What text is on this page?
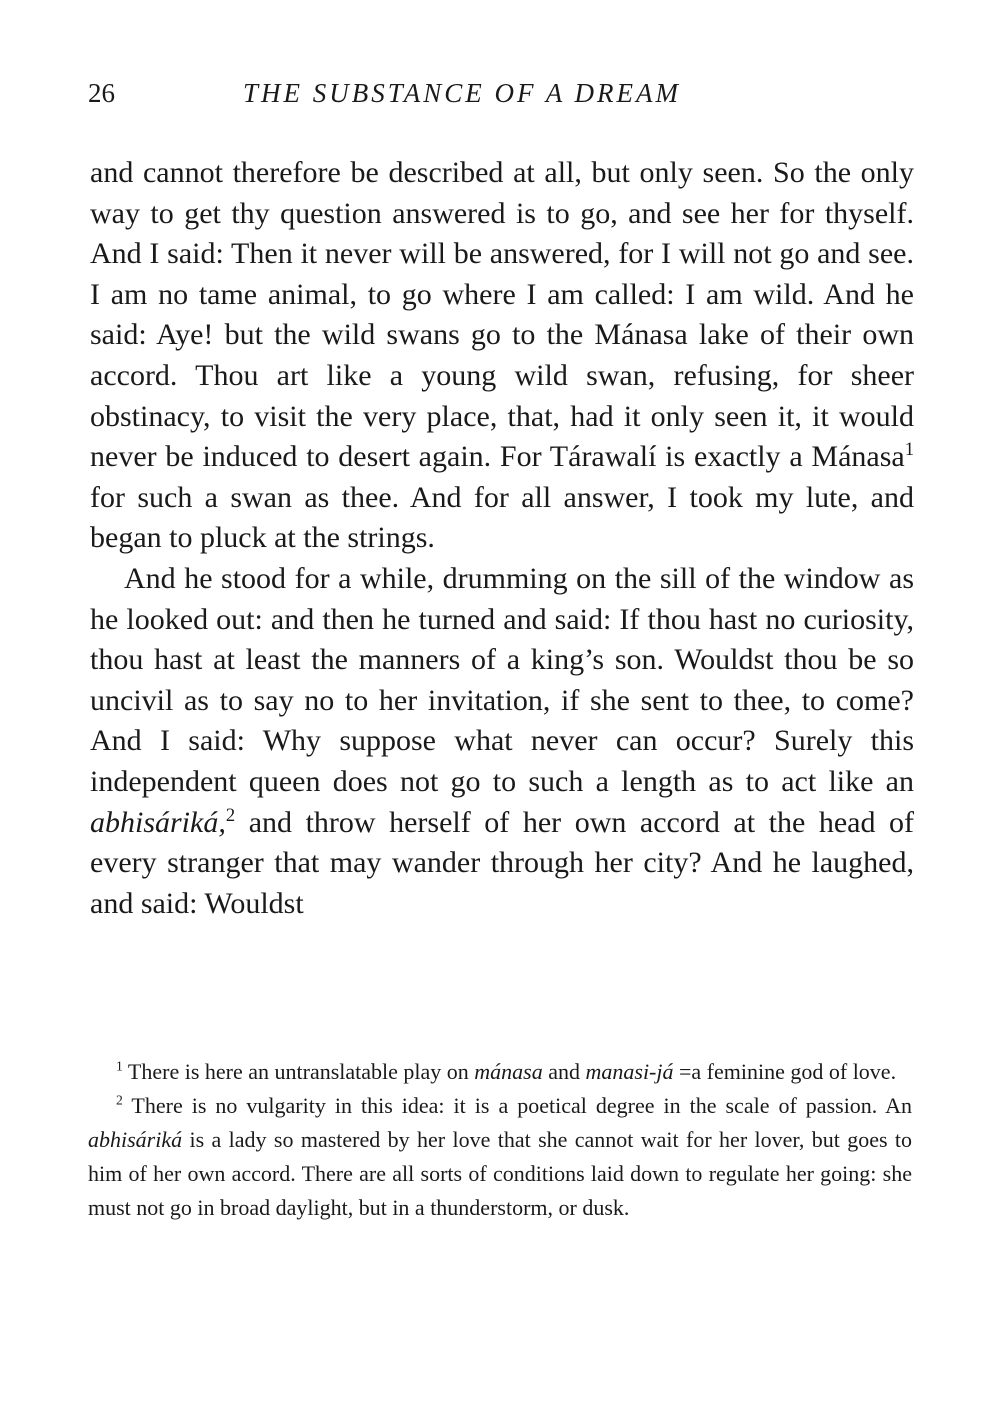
26	THE SUBSTANCE OF A DREAM

and cannot therefore be described at all, but only seen. So the only way to get thy question answered is to go, and see her for thyself. And I said: Then it never will be answered, for I will not go and see. I am no tame animal, to go where I am called: I am wild. And he said: Aye! but the wild swans go to the Mánasa lake of their own accord. Thou art like a young wild swan, refusing, for sheer obstinacy, to visit the very place, that, had it only seen it, it would never be induced to desert again. For Tárawalí is exactly a Mánasa$^1$ for such a swan as thee. And for all answer, I took my lute, and began to pluck at the strings.

And he stood for a while, drumming on the sill of the window as he looked out: and then he turned and said: If thou hast no curiosity, thou hast at least the manners of a king’s son. Wouldst thou be so uncivil as to say no to her invitation, if she sent to thee, to come? And I said: Why suppose what never can occur? Surely this independent queen does not go to such a length as to act like an abhisáriká,$^2$ and throw herself of her own accord at the head of every stranger that may wander through her city? And he laughed, and said: Wouldst

$^1$ There is here an untranslatable play on mánasa and manasi-já =a feminine god of love.

$^2$ There is no vulgarity in this idea: it is a poetical degree in the scale of passion. An abhisáriká is a lady so mastered by her love that she cannot wait for her lover, but goes to him of her own accord. There are all sorts of conditions laid down to regulate her going: she must not go in broad daylight, but in a thunderstorm, or dusk.
